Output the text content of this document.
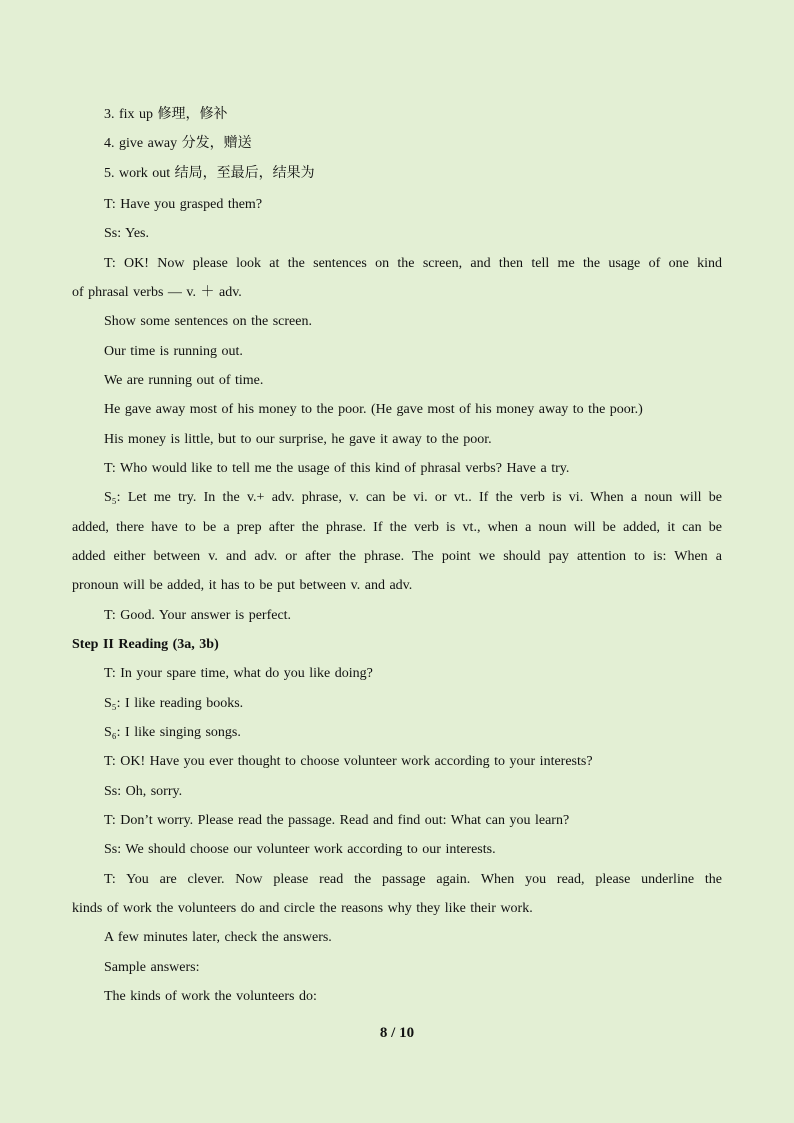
3. fix up 修理，修补
4. give away 分发，赠送
5. work out 结局，至最后，结果为
T: Have you grasped them?
Ss: Yes.
T: OK! Now please look at the sentences on the screen, and then tell me the usage of one kind
of phrasal verbs — v. ＋ adv.
Show some sentences on the screen.
Our time is running out.
We are running out of time.
He gave away most of his money to the poor. (He gave most of his money away to the poor.)
His money is little, but to our surprise, he gave it away to the poor.
T: Who would like to tell me the usage of this kind of phrasal verbs? Have a try.
S₅: Let me try. In the v.+ adv. phrase, v. can be vi. or vt.. If the verb is vi. When a noun will be
added, there have to be a prep after the phrase. If the verb is vt., when a noun will be added, it can be
added either between v. and adv. or after the phrase. The point we should pay attention to is: When a
pronoun will be added, it has to be put between v. and adv.
T: Good. Your answer is perfect.
Step II Reading (3a, 3b)
T: In your spare time, what do you like doing?
S₅: I like reading books.
S₆: I like singing songs.
T: OK! Have you ever thought to choose volunteer work according to your interests?
Ss: Oh, sorry.
T: Don’t worry. Please read the passage. Read and find out: What can you learn?
Ss: We should choose our volunteer work according to our interests.
T: You are clever. Now please read the passage again. When you read, please underline the
kinds of work the volunteers do and circle the reasons why they like their work.
A few minutes later, check the answers.
Sample answers:
The kinds of work the volunteers do:
8 / 10
